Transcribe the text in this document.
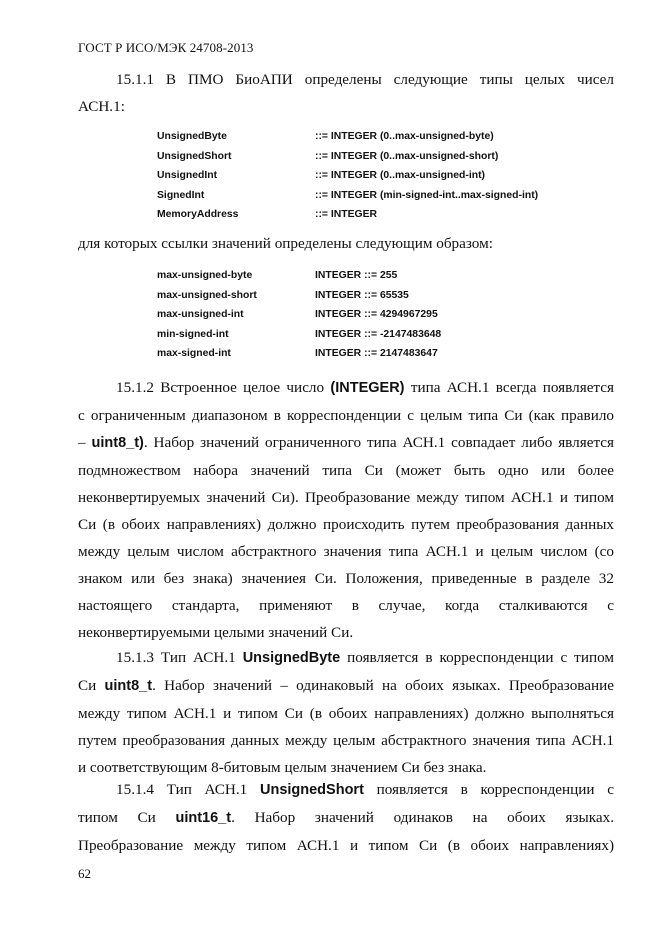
ГОСТ Р ИСО/МЭК 24708-2013
15.1.1 В ПМО БиоАПИ определены следующие типы целых чисел
АСН.1:
UnsignedByte	::= INTEGER (0..max-unsigned-byte)
UnsignedShort	::= INTEGER (0..max-unsigned-short)
UnsignedInt	::= INTEGER (0..max-unsigned-int)
SignedInt	::= INTEGER (min-signed-int..max-signed-int)
MemoryAddress	::= INTEGER
для которых ссылки значений определены следующим образом:
max-unsigned-byte	INTEGER ::= 255
max-unsigned-short	INTEGER ::= 65535
max-unsigned-int	INTEGER ::= 4294967295
min-signed-int	INTEGER ::= -2147483648
max-signed-int	INTEGER ::= 2147483647
15.1.2 Встроенное целое число (INTEGER) типа АСН.1 всегда появляется
с ограниченным диапазоном в корреспонденции с целым типа Си (как правило
– uint8_t). Набор значений ограниченного типа АСН.1 совпадает либо является
подмножеством набора значений типа Си (может быть одно или более
неконвертируемых значений Си). Преобразование между типом АСН.1 и типом
Си (в обоих направлениях) должно происходить путем преобразования данных
между целым числом абстрактного значения типа АСН.1 и целым числом (со
знаком или без знака) значениея Си. Положения, приведенные в разделе 32
настоящего стандарта, применяют в случае, когда сталкиваются с
неконвертируемыми целыми значений Си.
15.1.3 Тип АСН.1 UnsignedByte появляется в корреспонденции с типом
Си uint8_t. Набор значений – одинаковый на обоих языках. Преобразование
между типом АСН.1 и типом Си (в обоих направлениях) должно выполняться
путем преобразования данных между целым абстрактного значения типа АСН.1
и соответствующим 8-битовым целым значением Си без знака.
15.1.4 Тип АСН.1 UnsignedShort появляется в корреспонденции с
типом Си uint16_t. Набор значений одинаков на обоих языках.
Преобразование между типом АСН.1 и типом Си (в обоих направлениях)
62
